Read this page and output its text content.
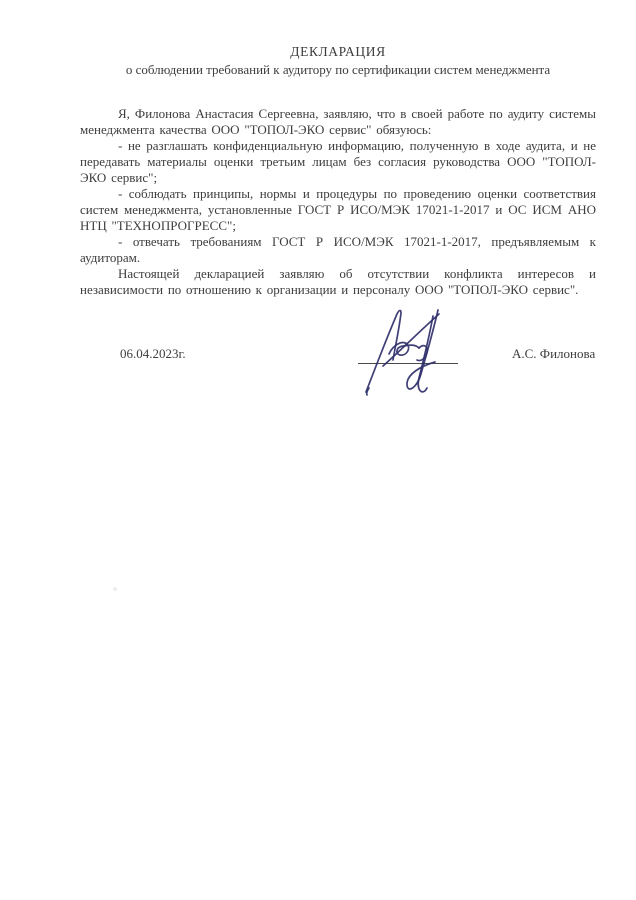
ДЕКЛАРАЦИЯ
о соблюдении требований к аудитору по сертификации систем менеджмента

Я, Филонова Анастасия Сергеевна, заявляю, что в своей работе по аудиту системы менеджмента качества ООО "ТОПОЛ-ЭКО сервис" обязуюсь:

- не разглашать конфиденциальную информацию, полученную в ходе аудита, и не передавать материалы оценки третьим лицам без согласия руководства ООО "ТОПОЛ-ЭКО сервис";

- соблюдать принципы, нормы и процедуры по проведению оценки соответствия систем менеджмента, установленные ГОСТ Р ИСО/МЭК 17021-1-2017 и ОС ИСМ АНО НТЦ "ТЕХНОПРОГРЕСС";

- отвечать требованиям ГОСТ Р ИСО/МЭК 17021-1-2017, предъявляемым к аудиторам.

Настоящей декларацией заявляю об отсутствии конфликта интересов и независимости по отношению к организации и персоналу ООО "ТОПОЛ-ЭКО сервис".

06.04.2023г.	А.С. Филонова
